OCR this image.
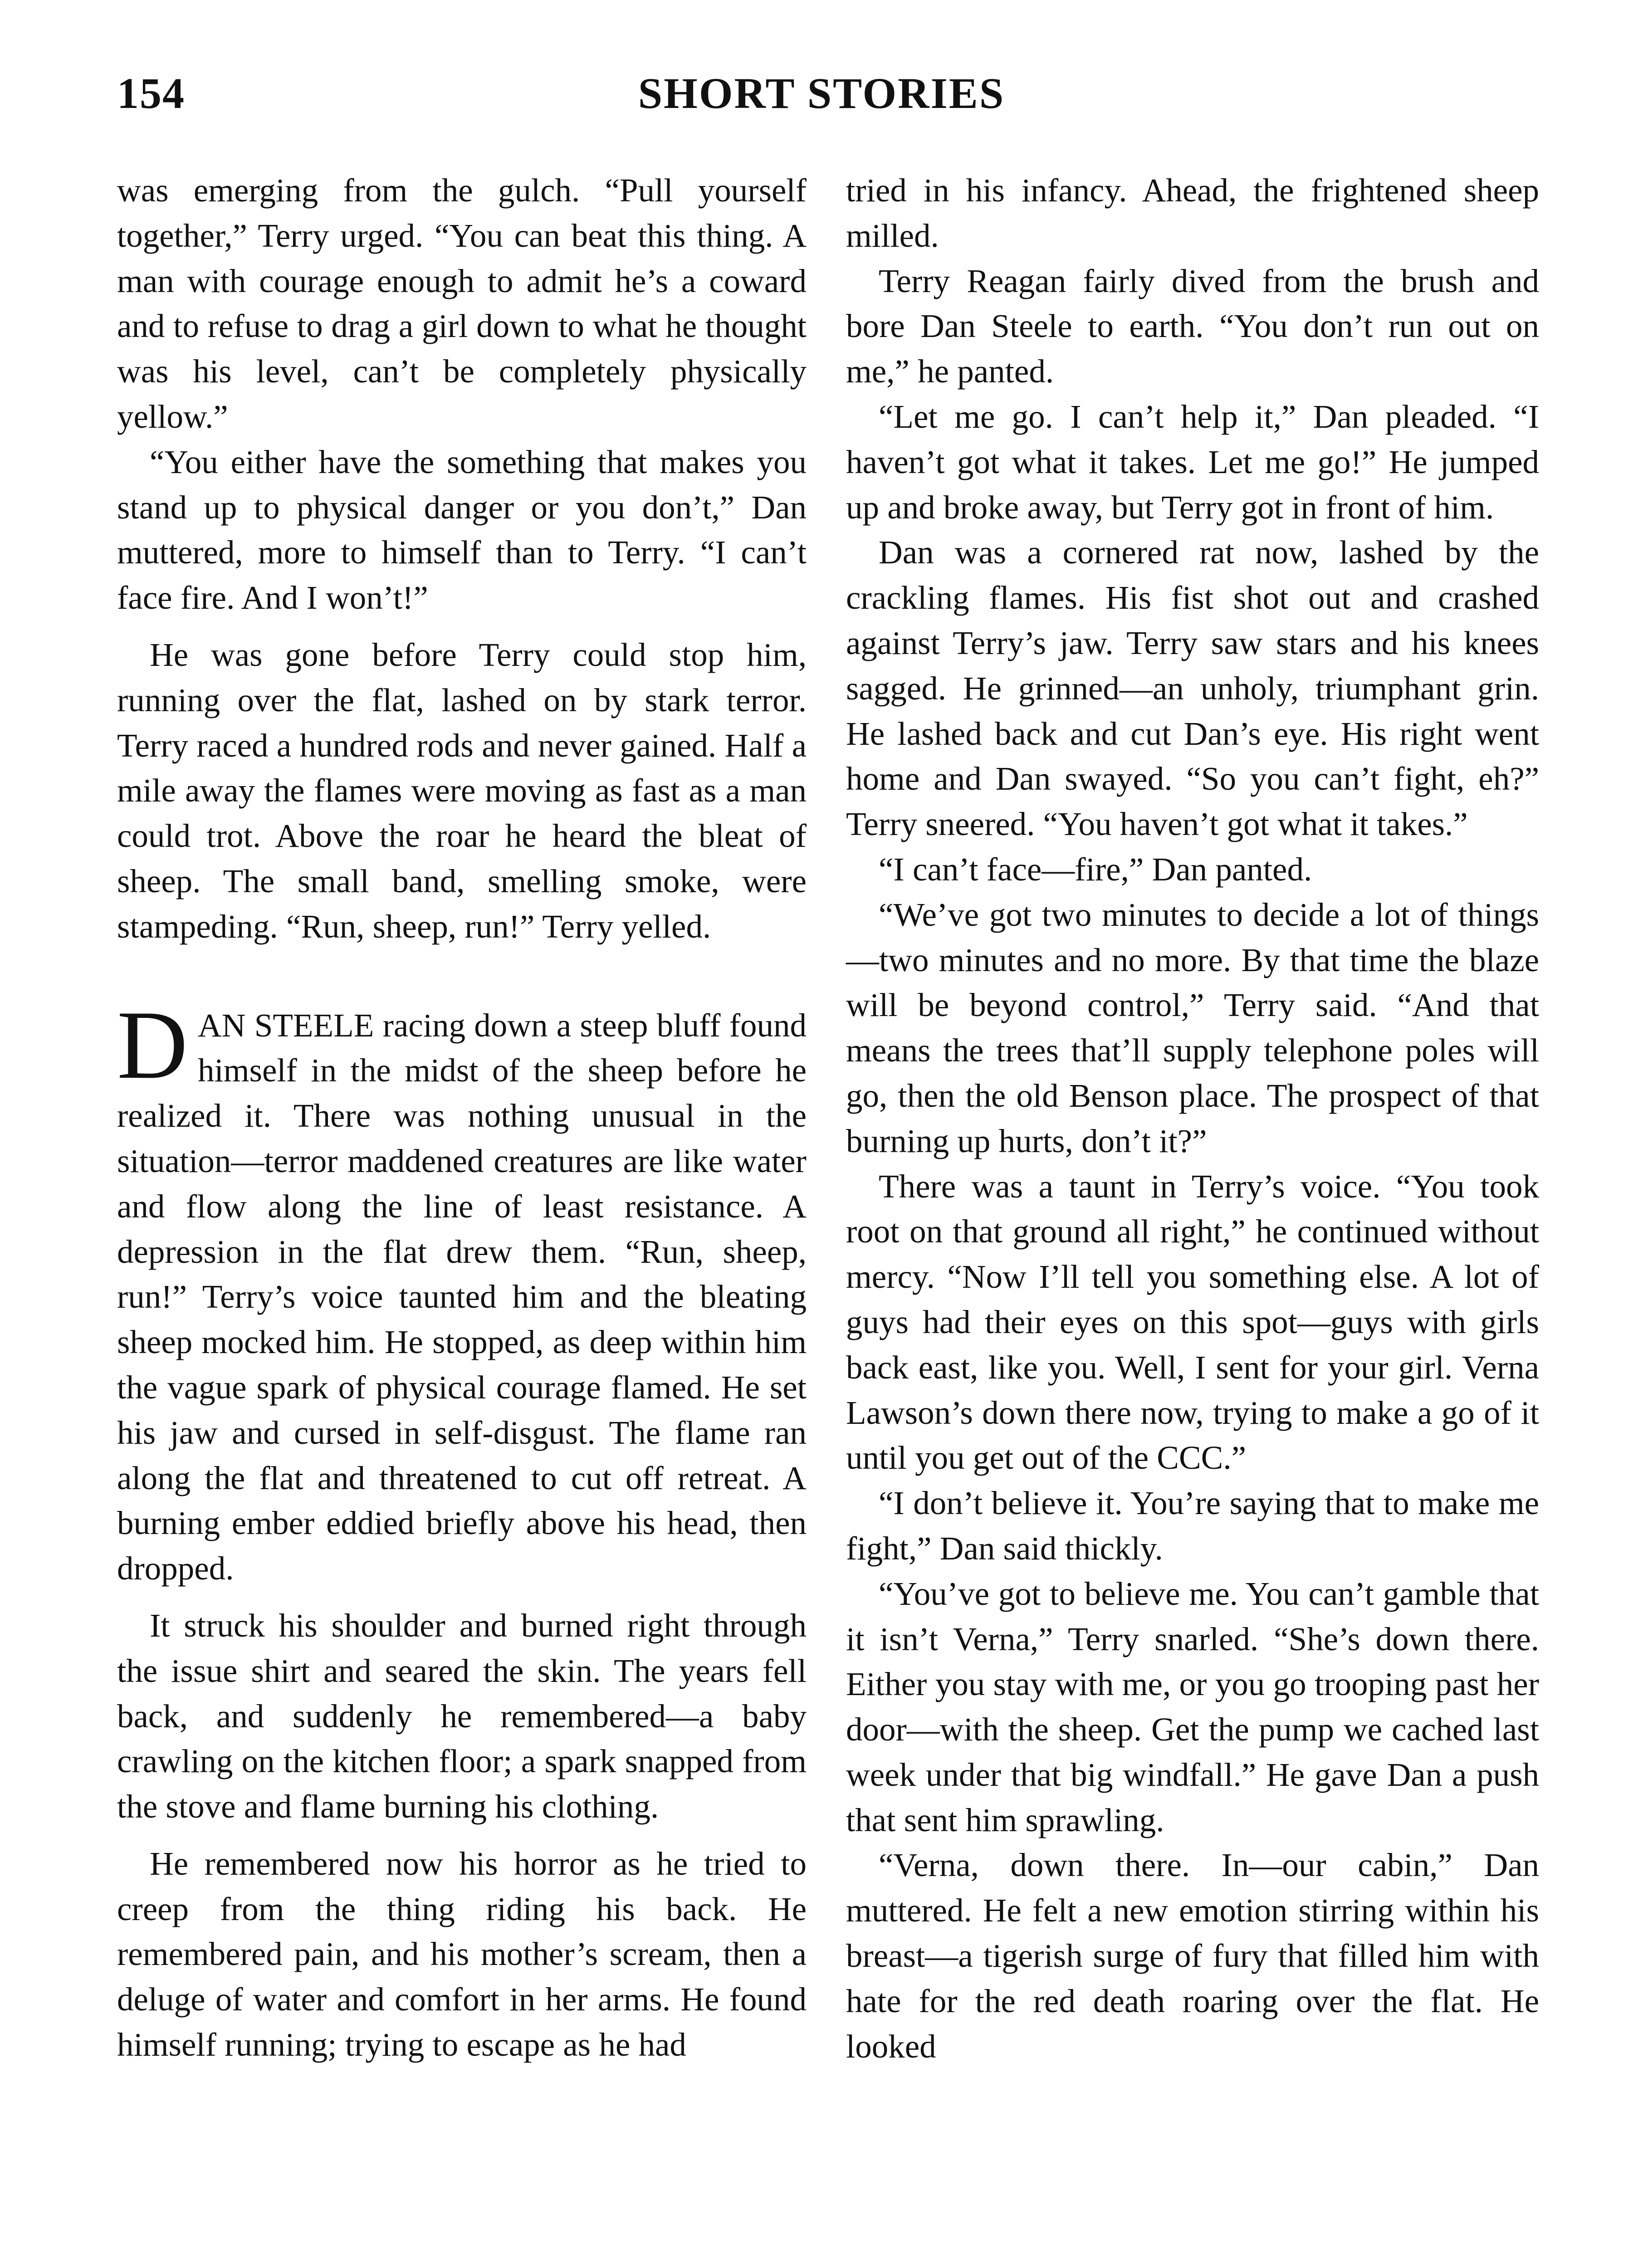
154	SHORT STORIES

was emerging from the gulch. “Pull yourself together,” Terry urged. “You can beat this thing. A man with courage enough to admit he’s a coward and to refuse to drag a girl down to what he thought was his level, can’t be completely physically yellow.”

“You either have the something that makes you stand up to physical danger or you don’t,” Dan muttered, more to himself than to Terry. “I can’t face fire. And I won’t!”

He was gone before Terry could stop him, running over the flat, lashed on by stark terror. Terry raced a hundred rods and never gained. Half a mile away the flames were moving as fast as a man could trot. Above the roar he heard the bleat of sheep. The small band, smelling smoke, were stampeding. “Run, sheep, run!” Terry yelled.

DAN STEELE racing down a steep bluff found himself in the midst of the sheep before he realized it. There was nothing unusual in the situation—terror maddened creatures are like water and flow along the line of least resistance. A depression in the flat drew them. “Run, sheep, run!” Terry’s voice taunted him and the bleating sheep mocked him. He stopped, as deep within him the vague spark of physical courage flamed. He set his jaw and cursed in self-disgust. The flame ran along the flat and threatened to cut off retreat. A burning ember eddied briefly above his head, then dropped.

It struck his shoulder and burned right through the issue shirt and seared the skin. The years fell back, and suddenly he remembered—a baby crawling on the kitchen floor; a spark snapped from the stove and flame burning his clothing.

He remembered now his horror as he tried to creep from the thing riding his back. He remembered pain, and his mother’s scream, then a deluge of water and comfort in her arms. He found himself running; trying to escape as he had

tried in his infancy. Ahead, the frightened sheep milled.

Terry Reagan fairly dived from the brush and bore Dan Steele to earth. “You don’t run out on me,” he panted.

“Let me go. I can’t help it,” Dan pleaded. “I haven’t got what it takes. Let me go!” He jumped up and broke away, but Terry got in front of him.

Dan was a cornered rat now, lashed by the crackling flames. His fist shot out and crashed against Terry’s jaw. Terry saw stars and his knees sagged. He grinned—an unholy, triumphant grin. He lashed back and cut Dan’s eye. His right went home and Dan swayed. “So you can’t fight, eh?” Terry sneered. “You haven’t got what it takes.”

“I can’t face—fire,” Dan panted.

“We’ve got two minutes to decide a lot of things—two minutes and no more. By that time the blaze will be beyond control,” Terry said. “And that means the trees that’ll supply telephone poles will go, then the old Benson place. The prospect of that burning up hurts, don’t it?”

There was a taunt in Terry’s voice. “You took root on that ground all right,” he continued without mercy. “Now I’ll tell you something else. A lot of guys had their eyes on this spot—guys with girls back east, like you. Well, I sent for your girl. Verna Lawson’s down there now, trying to make a go of it until you get out of the CCC.”

“I don’t believe it. You’re saying that to make me fight,” Dan said thickly.

“You’ve got to believe me. You can’t gamble that it isn’t Verna,” Terry snarled. “She’s down there. Either you stay with me, or you go trooping past her door—with the sheep. Get the pump we cached last week under that big windfall.” He gave Dan a push that sent him sprawling.

“Verna, down there. In—our cabin,” Dan muttered. He felt a new emotion stirring within his breast—a tigerish surge of fury that filled him with hate for the red death roaring over the flat. He looked
